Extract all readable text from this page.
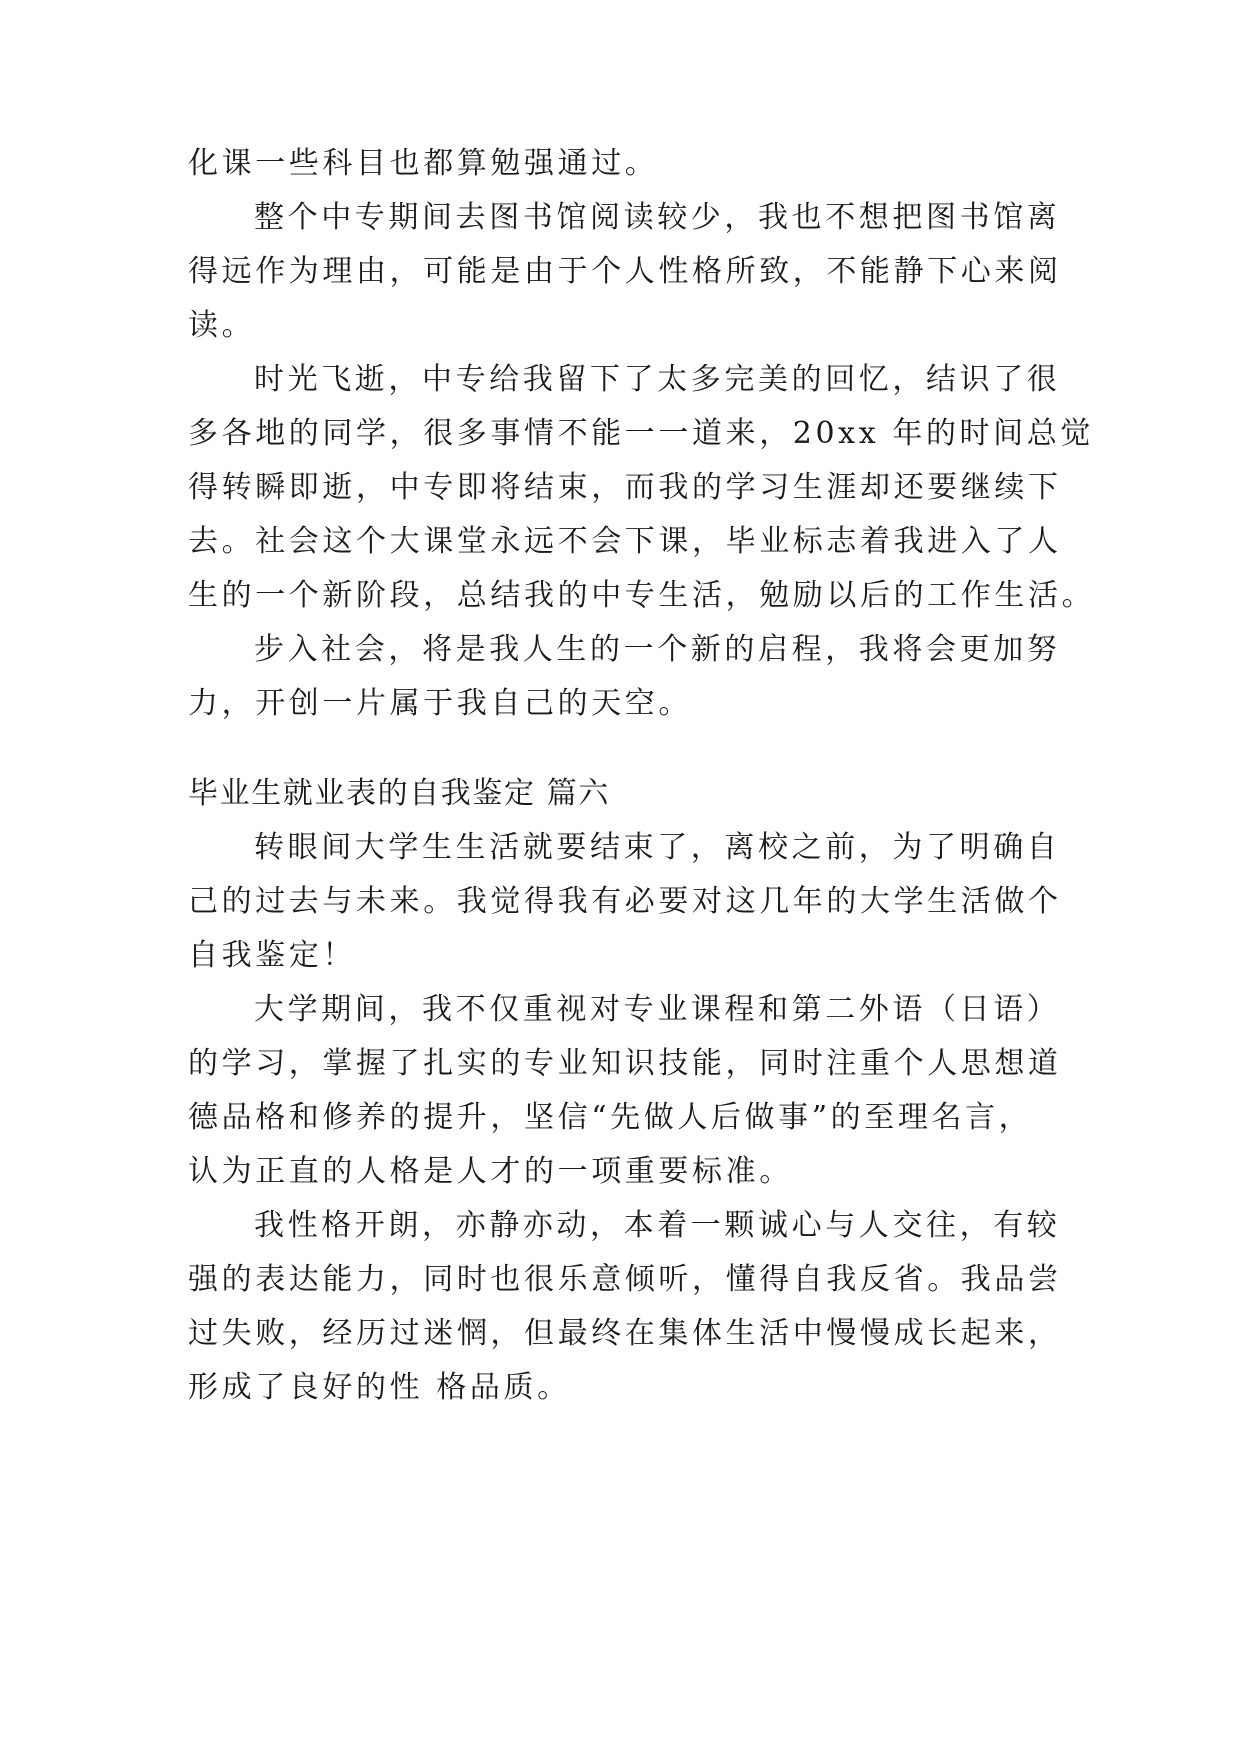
化课一些科目也都算勉强通过。
整个中专期间去图书馆阅读较少，我也不想把图书馆离
得远作为理由，可能是由于个人性格所致，不能静下心来阅
读。
时光飞逝，中专给我留下了太多完美的回忆，结识了很
多各地的同学，很多事情不能一一道来，20xx 年的时间总觉
得转瞬即逝，中专即将结束，而我的学习生涯却还要继续下
去。社会这个大课堂永远不会下课，毕业标志着我进入了人
生的一个新阶段，总结我的中专生活，勉励以后的工作生活。
步入社会，将是我人生的一个新的启程，我将会更加努
力，开创一片属于我自己的天空。
毕业生就业表的自我鉴定 篇六
转眼间大学生生活就要结束了，离校之前，为了明确自
己的过去与未来。我觉得我有必要对这几年的大学生活做个
自我鉴定！
大学期间，我不仅重视对专业课程和第二外语（日语）
的学习，掌握了扎实的专业知识技能，同时注重个人思想道
德品格和修养的提升，坚信“先做人后做事”的至理名言，
认为正直的人格是人才的一项重要标准。
我性格开朗，亦静亦动，本着一颗诚心与人交往，有较
强的表达能力，同时也很乐意倾听，懂得自我反省。我品尝
过失败，经历过迷惘，但最终在集体生活中慢慢成长起来，
形成了良好的性 格品质。
